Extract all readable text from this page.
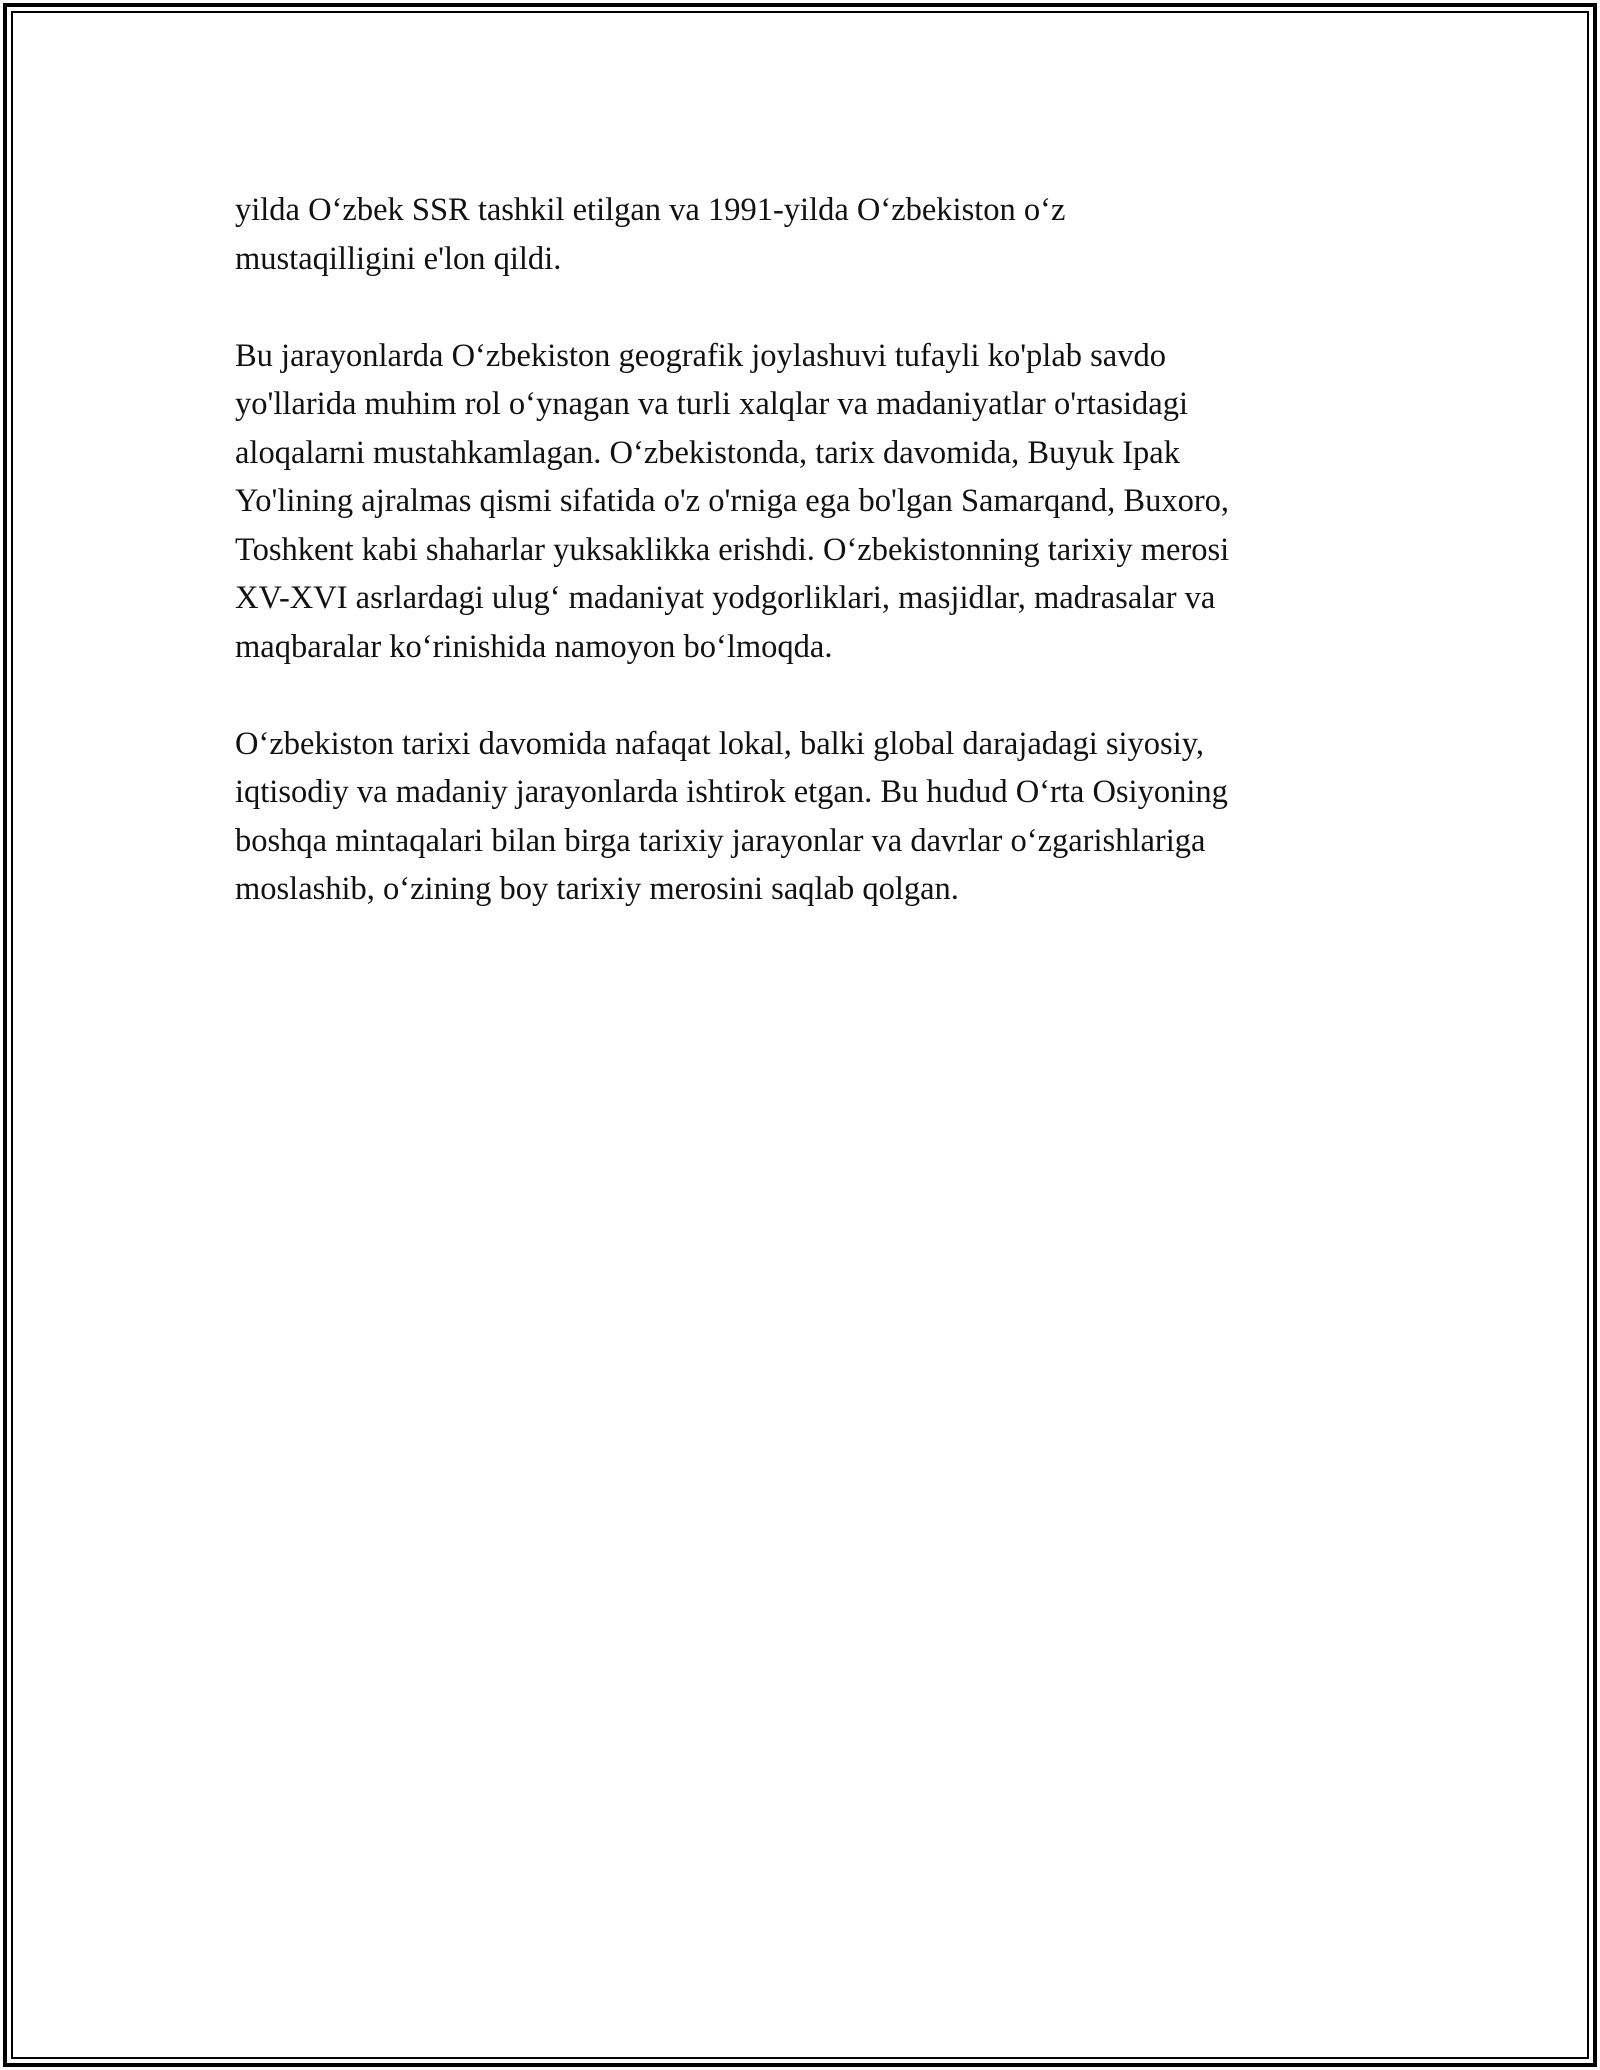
yilda O‘zbek SSR tashkil etilgan va 1991-yilda O‘zbekiston o‘z
mustaqilligini e'lon qildi.

Bu jarayonlarda O‘zbekiston geografik joylashuvi tufayli ko'plab savdo
yo'llarida muhim rol o‘ynagan va turli xalqlar va madaniyatlar o'rtasidagi
aloqalarni mustahkamlagan. O‘zbekistonda, tarix davomida, Buyuk Ipak
Yo'lining ajralmas qismi sifatida o'z o'rniga ega bo'lgan Samarqand, Buxoro,
Toshkent kabi shaharlar yuksaklikka erishdi. O‘zbekistonning tarixiy merosi
XV-XVI asrlardagi ulug‘ madaniyat yodgorliklari, masjidlar, madrasalar va
maqbaralar ko‘rinishida namoyon bo‘lmoqda.

O‘zbekiston tarixi davomida nafaqat lokal, balki global darajadagi siyosiy,
iqtisodiy va madaniy jarayonlarda ishtirok etgan. Bu hudud O‘rta Osiyoning
boshqa mintaqalari bilan birga tarixiy jarayonlar va davrlar o‘zgarishlariga
moslashib, o‘zining boy tarixiy merosini saqlab qolgan.
